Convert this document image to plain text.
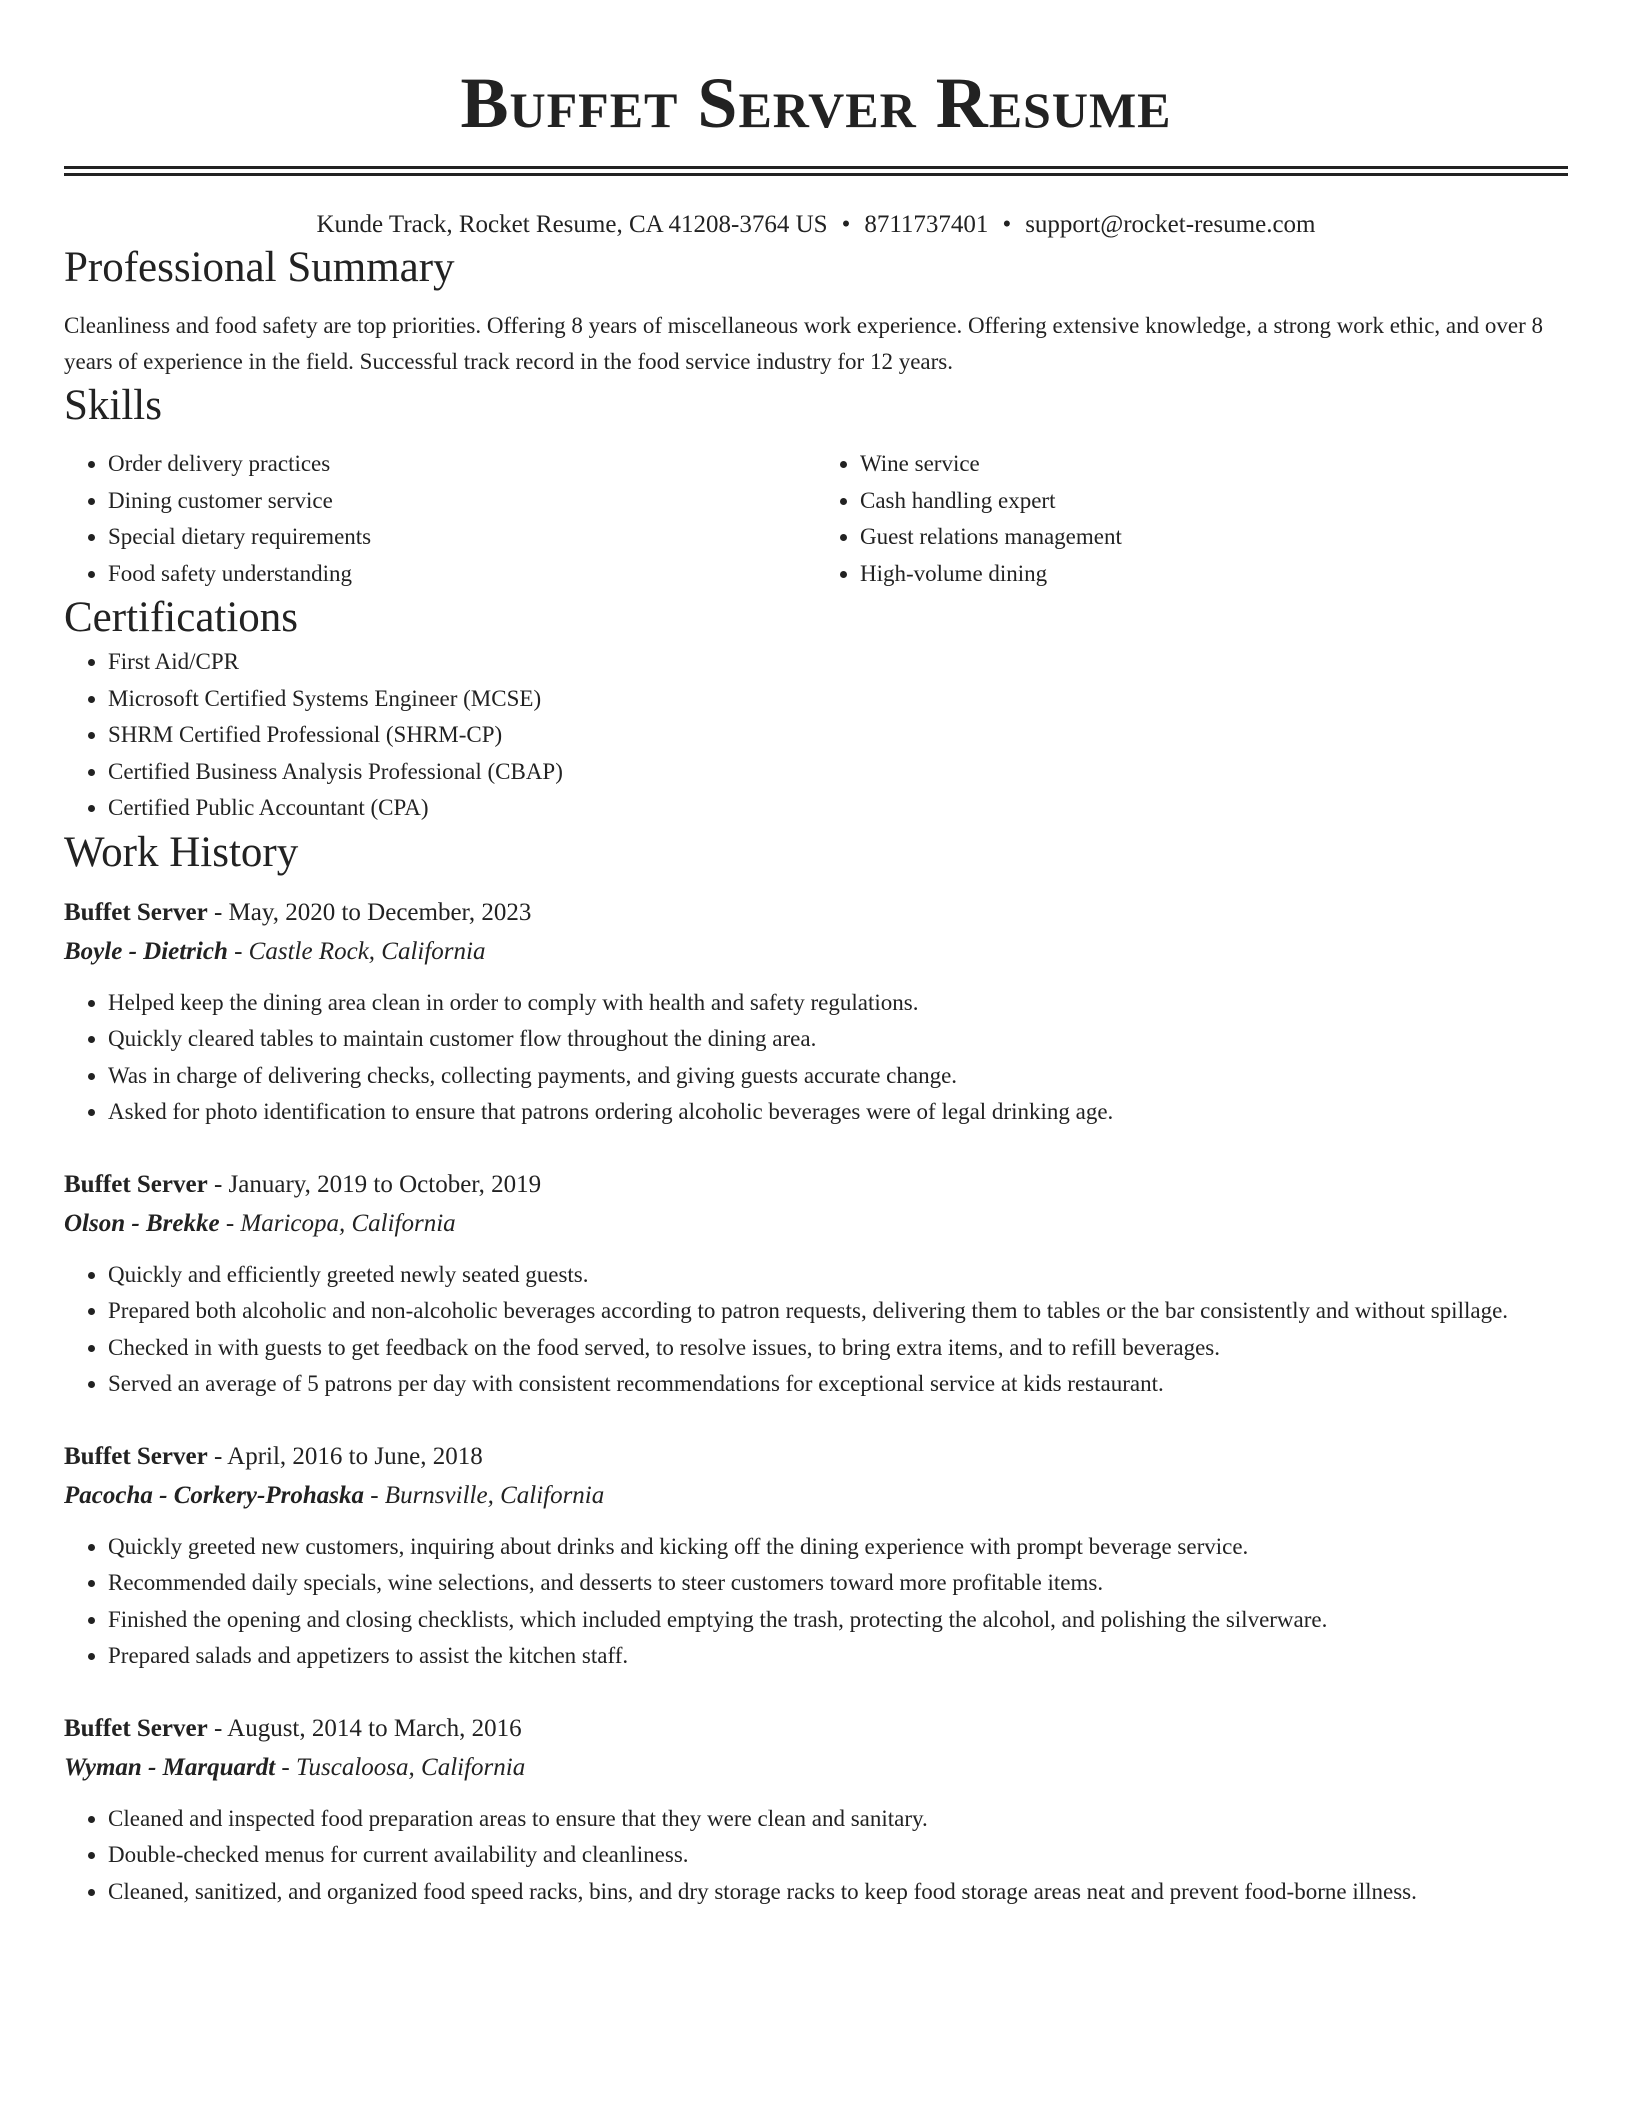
Buffet Server Resume
Kunde Track, Rocket Resume, CA 41208-3764 US • 8711737401 • support@rocket-resume.com
Professional Summary

Cleanliness and food safety are top priorities. Offering 8 years of miscellaneous work experience. Offering extensive knowledge, a strong work ethic, and over 8 years of experience in the field. Successful track record in the food service industry for 12 years.

Skills
• Order delivery practices
• Dining customer service
• Special dietary requirements
• Food safety understanding
• Wine service
• Cash handling expert
• Guest relations management
• High-volume dining
Certifications
• First Aid/CPR
• Microsoft Certified Systems Engineer (MCSE)
• SHRM Certified Professional (SHRM-CP)
• Certified Business Analysis Professional (CBAP)
• Certified Public Accountant (CPA)
Work History
Buffet Server - May, 2020 to December, 2023
Boyle - Dietrich - Castle Rock, California
• Helped keep the dining area clean in order to comply with health and safety regulations.
• Quickly cleared tables to maintain customer flow throughout the dining area.
• Was in charge of delivering checks, collecting payments, and giving guests accurate change.
• Asked for photo identification to ensure that patrons ordering alcoholic beverages were of legal drinking age.
Buffet Server - January, 2019 to October, 2019
Olson - Brekke - Maricopa, California
• Quickly and efficiently greeted newly seated guests.
• Prepared both alcoholic and non-alcoholic beverages according to patron requests, delivering them to tables or the bar consistently and without spillage.
• Checked in with guests to get feedback on the food served, to resolve issues, to bring extra items, and to refill beverages.
• Served an average of 5 patrons per day with consistent recommendations for exceptional service at kids restaurant.
Buffet Server - April, 2016 to June, 2018
Pacocha - Corkery-Prohaska - Burnsville, California
• Quickly greeted new customers, inquiring about drinks and kicking off the dining experience with prompt beverage service.
• Recommended daily specials, wine selections, and desserts to steer customers toward more profitable items.
• Finished the opening and closing checklists, which included emptying the trash, protecting the alcohol, and polishing the silverware.
• Prepared salads and appetizers to assist the kitchen staff.
Buffet Server - August, 2014 to March, 2016
Wyman - Marquardt - Tuscaloosa, California
• Cleaned and inspected food preparation areas to ensure that they were clean and sanitary.
• Double-checked menus for current availability and cleanliness.
• Cleaned, sanitized, and organized food speed racks, bins, and dry storage racks to keep food storage areas neat and prevent food-borne illness.
